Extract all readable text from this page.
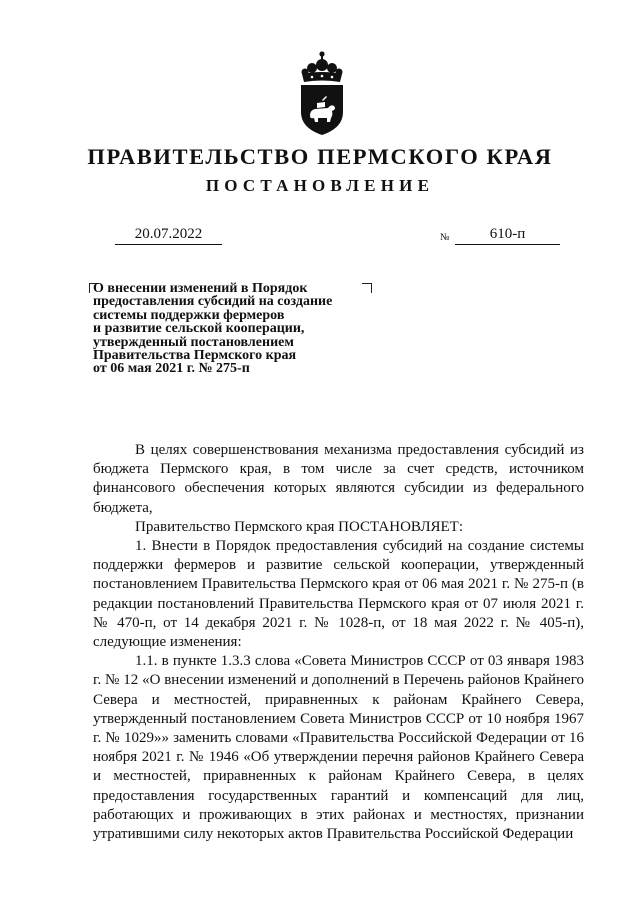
ПРАВИТЕЛЬСТВО ПЕРМСКОГО КРАЯ
ПОСТАНОВЛЕНИЕ
20.07.2022	№	610-п
О внесении изменений в Порядок
предоставления субсидий на создание
системы поддержки фермеров
и развитие сельской кооперации,
утвержденный постановлением
Правительства Пермского края
от 06 мая 2021 г. № 275-п

В целях совершенствования механизма предоставления субсидий из бюджета Пермского края, в том числе за счет средств, источником финансового обеспечения которых являются субсидии из федерального бюджета,

Правительство Пермского края ПОСТАНОВЛЯЕТ:

1. Внести в Порядок предоставления субсидий на создание системы поддержки фермеров и развитие сельской кооперации, утвержденный постановлением Правительства Пермского края от 06 мая 2021 г. № 275-п (в редакции постановлений Правительства Пермского края от 07 июля 2021 г. № 470-п, от 14 декабря 2021 г. № 1028-п, от 18 мая 2022 г. № 405-п), следующие изменения:

1.1. в пункте 1.3.3 слова «Совета Министров СССР от 03 января 1983 г. № 12 «О внесении изменений и дополнений в Перечень районов Крайнего Севера и местностей, приравненных к районам Крайнего Севера, утвержденный постановлением Совета Министров СССР от 10 ноября 1967 г. № 1029»» заменить словами «Правительства Российской Федерации от 16 ноября 2021 г. № 1946 «Об утверждении перечня районов Крайнего Севера и местностей, приравненных к районам Крайнего Севера, в целях предоставления государственных гарантий и компенсаций для лиц, работающих и проживающих в этих районах и местностях, признании утратившими силу некоторых актов Правительства Российской Федерации
